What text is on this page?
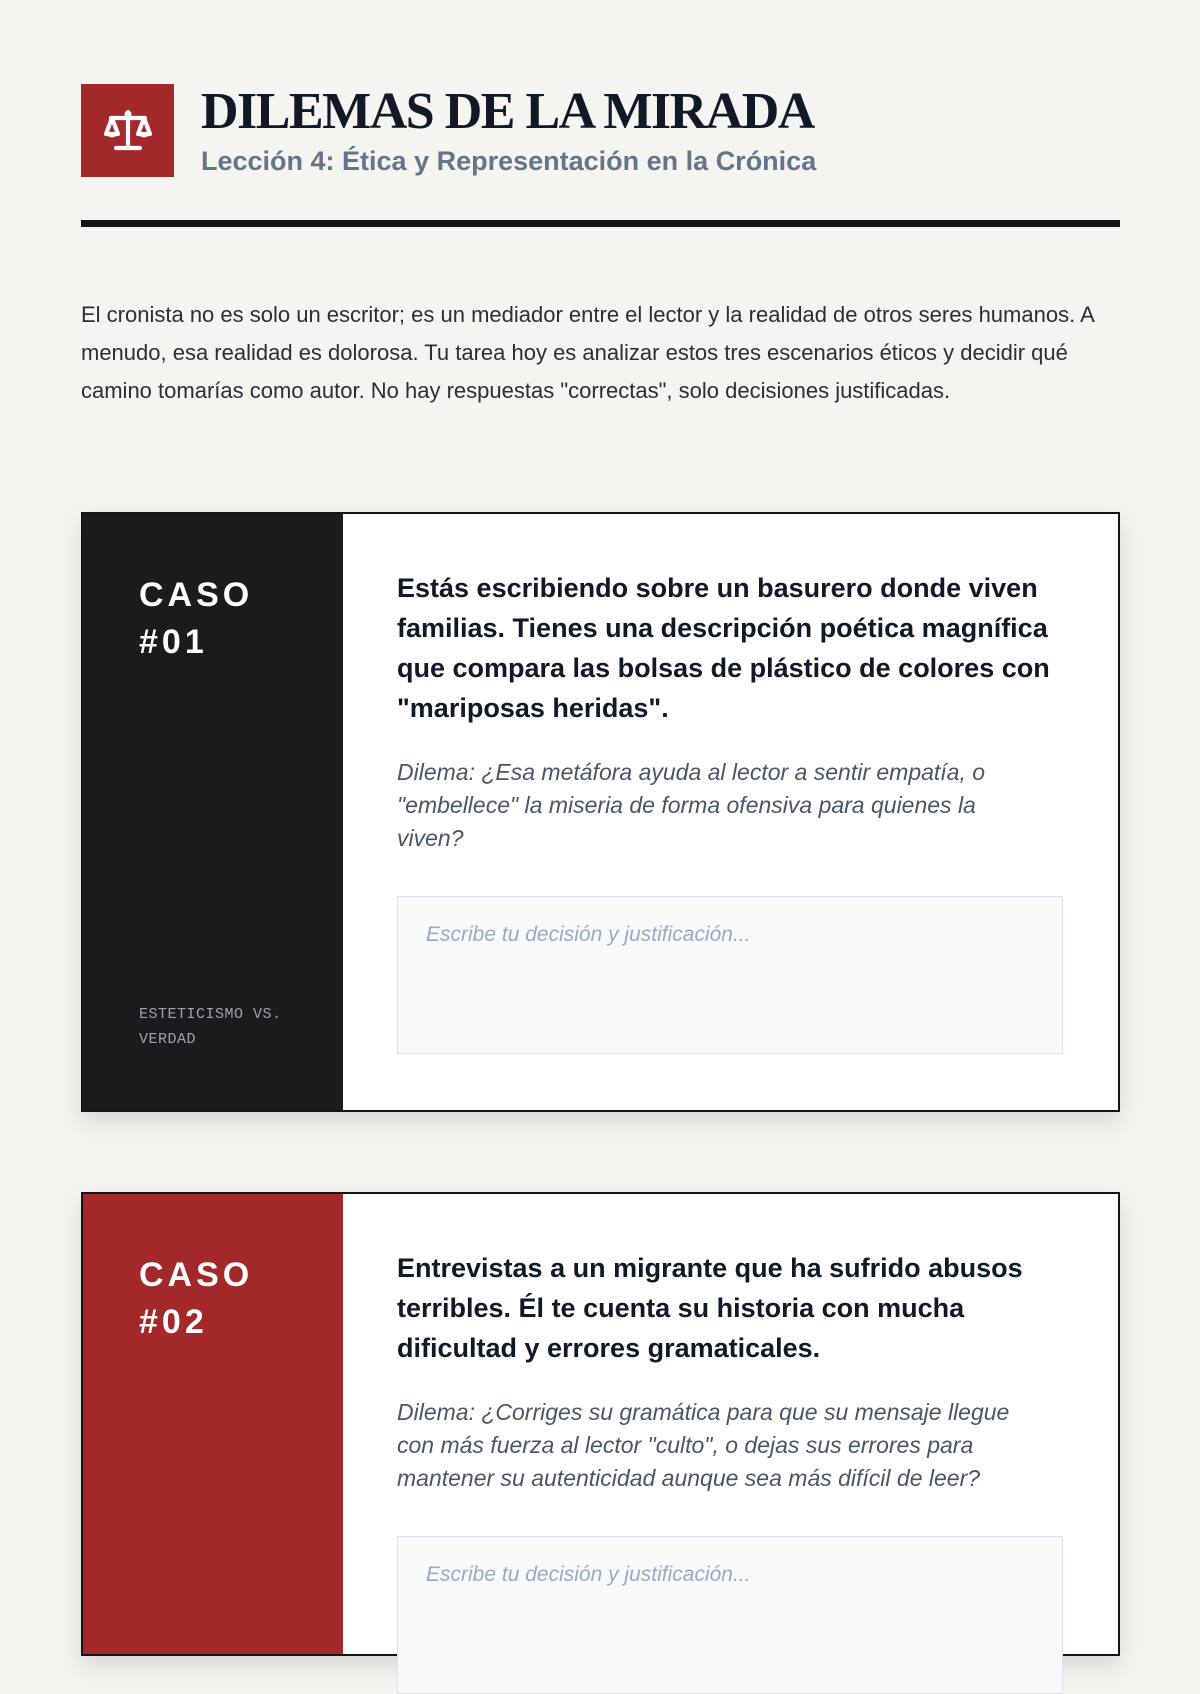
DILEMAS DE LA MIRADA
Lección 4: Ética y Representación en la Crónica

El cronista no es solo un escritor; es un mediador entre el lector y la realidad de otros seres humanos. A menudo, esa realidad es dolorosa. Tu tarea hoy es analizar estos tres escenarios éticos y decidir qué camino tomarías como autor. No hay respuestas "correctas", solo decisiones justificadas.

CASO
#01
ESTETICISMO VS.
VERDAD

Estás escribiendo sobre un basurero donde viven familias. Tienes una descripción poética magnífica que compara las bolsas de plástico de colores con "mariposas heridas".

Dilema: ¿Esa metáfora ayuda al lector a sentir empatía, o "embellece" la miseria de forma ofensiva para quienes la viven?

Escribe tu decisión y justificación...
CASO
#02

Entrevistas a un migrante que ha sufrido abusos terribles. Él te cuenta su historia con mucha dificultad y errores gramaticales.

Dilema: ¿Corriges su gramática para que su mensaje llegue con más fuerza al lector "culto", o dejas sus errores para mantener su autenticidad aunque sea más difícil de leer?

Escribe tu decisión y justificación...
